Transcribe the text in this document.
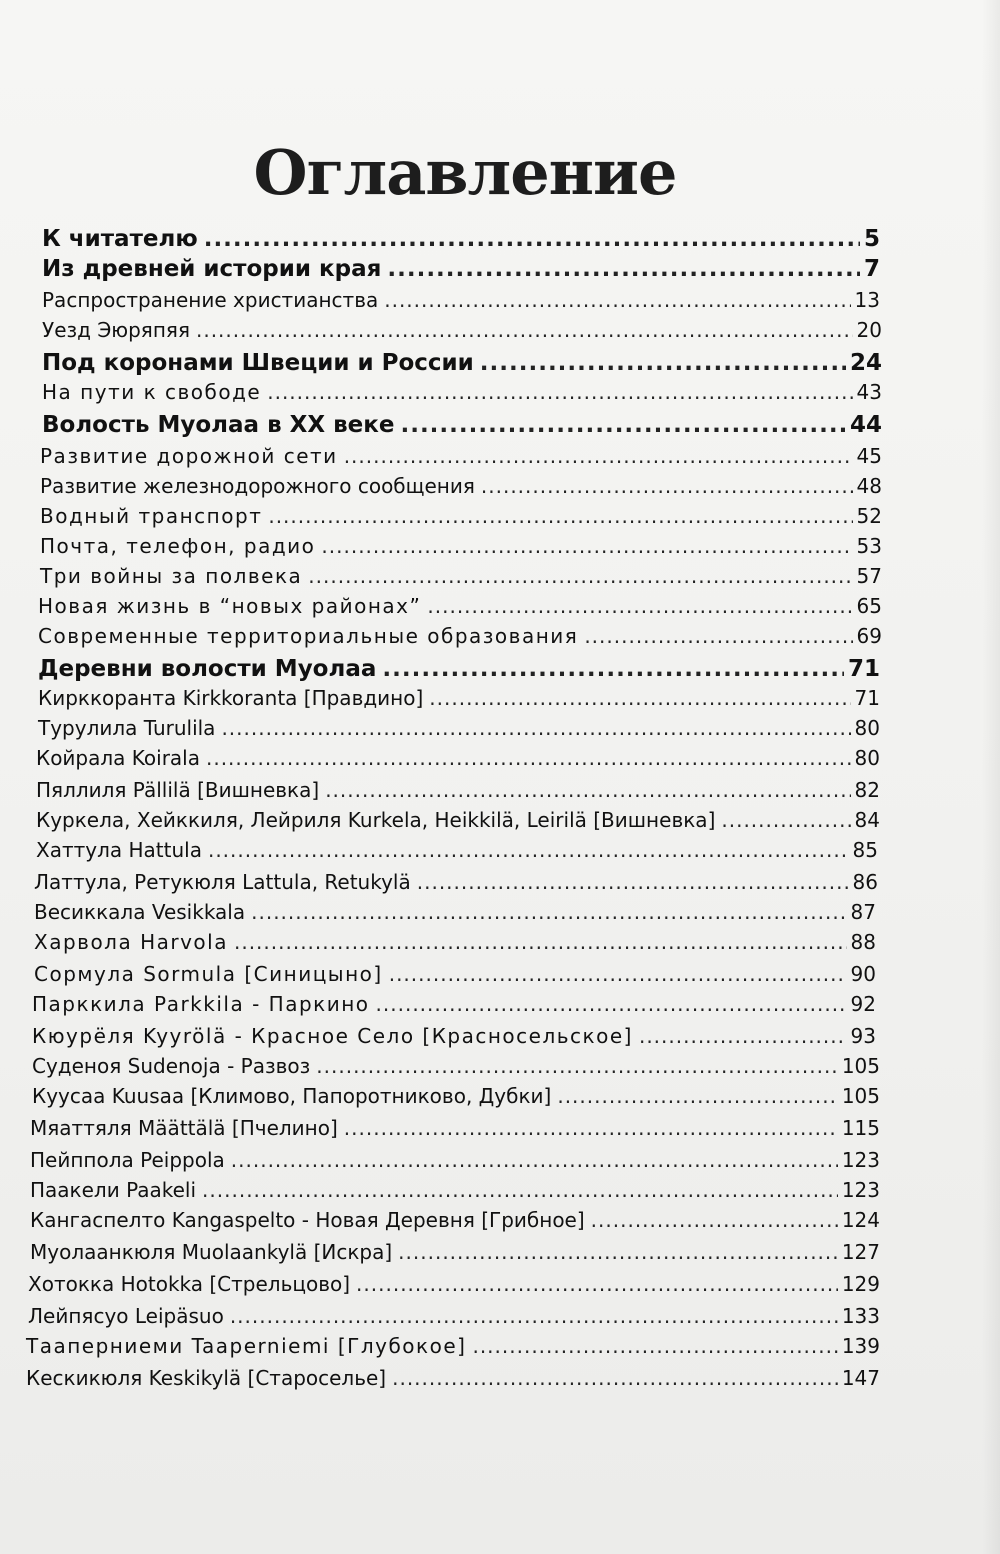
Оглавление
К читателю .....	5
Из древней истории края .....	7
Распространение христианства .....	13
Уезд Эюряпяя .....	20
Под коронами Швеции и России .....	24
На пути к свободе .....	43
Волость Муолаа в XX веке .....	44
Развитие дорожной сети .....	45
Развитие железнодорожного сообщения .....	48
Водный транспорт .....	52
Почта, телефон, радио .....	53
Три войны за полвека .....	57
Новая жизнь в “новых районах” .....	65
Современные территориальные образования .....	69
Деревни волости Муолаа .....	71
Кирккоранта Kirkkoranta [Правдино] .....	71
Турулила Turulila .....	80
Койрала Koirala .....	80
Пяллиля Pällilä [Вишневка] .....	82
Куркела, Хейккиля, Лейриля Kurkela, Heikkilä, Leirilä [Вишневка] .....	84
Хаттула Hattula .....	85
Латтула, Ретукюля Lattula, Retukylä .....	86
Весиккала Vesikkala .....	87
Харвола Harvola .....	88
Сормула Sormula [Синицыно] .....	90
Парккила Parkkila - Паркино .....	92
Кюурёля Kyyrölä - Красное Село [Красносельское] .....	93
Суденоя Sudenoja - Развоз .....	105
Куусаа Kuusaa [Климово, Папоротниково, Дубки] .....	105
Мяаттяля Määttälä [Пчелино] .....	115
Пейппола Peippola .....	123
Паакели Paakeli .....	123
Кангаспелто Kangaspelto - Новая Деревня [Грибное] .....	124
Муолаанкюля Muolaankylä [Искра] .....	127
Хотокка Hotokka [Стрельцово] .....	129
Лейпясуо Leipäsuo .....	133
Тааперниеми Taaperniemi [Глубокое] .....	139
Кескикюля Keskikylä [Староселье] .....	147
